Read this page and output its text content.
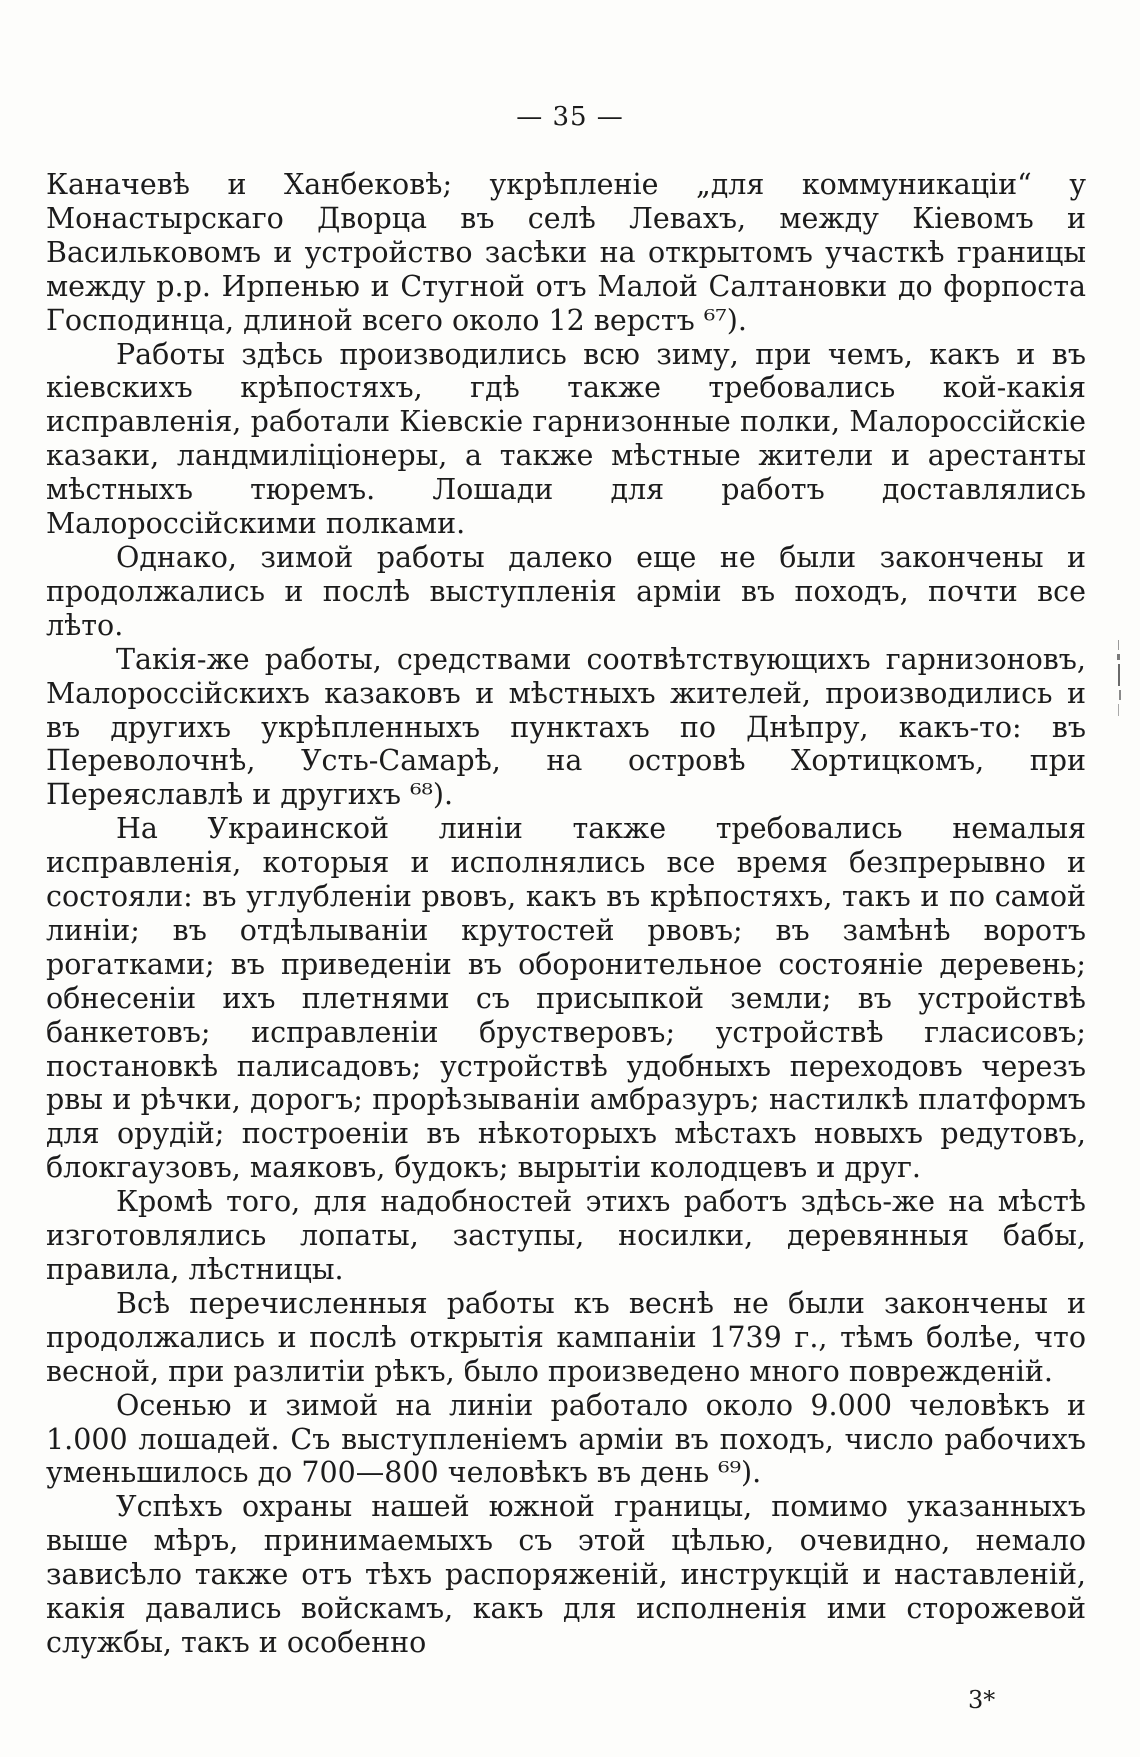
— 35 —

Каначевѣ и Ханбековѣ; укрѣпленіе „для коммуникаціи“ у Монастырскаго Дворца въ селѣ Левахъ, между Кіевомъ и Васильковомъ и устройство засѣки на открытомъ участкѣ границы между р.р. Ирпенью и Стугной отъ Малой Салтановки до форпоста Господинца, длиной всего около 12 верстъ ⁶⁷).

Работы здѣсь производились всю зиму, при чемъ, какъ и въ кіевскихъ крѣпостяхъ, гдѣ также требовались кой-какія исправленія, работали Кіевскіе гарнизонные полки, Малороссійскіе казаки, ландмиліціонеры, а также мѣстные жители и арестанты мѣстныхъ тюремъ. Лошади для работъ доставлялись Малороссійскими полками.

Однако, зимой работы далеко еще не были закончены и продолжались и послѣ выступленія арміи въ походъ, почти все лѣто.

Такія-же работы, средствами соотвѣтствующихъ гарнизоновъ, Малороссійскихъ казаковъ и мѣстныхъ жителей, производились и въ другихъ укрѣпленныхъ пунктахъ по Днѣпру, какъ-то: въ Переволочнѣ, Усть-Самарѣ, на островѣ Хортицкомъ, при Переяславлѣ и другихъ ⁶⁸).

На Украинской линіи также требовались немалыя исправленія, которыя и исполнялись все время безпрерывно и состояли: въ углубленіи рвовъ, какъ въ крѣпостяхъ, такъ и по самой линіи; въ отдѣлываніи крутостей рвовъ; въ замѣнѣ воротъ рогатками; въ приведеніи въ оборонительное состояніе деревень; обнесеніи ихъ плетнями съ присыпкой земли; въ устройствѣ банкетовъ; исправленіи брустверовъ; устройствѣ гласисовъ; постановкѣ палисадовъ; устройствѣ удобныхъ переходовъ черезъ рвы и рѣчки, дорогъ; прорѣзываніи амбразуръ; настилкѣ платформъ для орудій; построеніи въ нѣкоторыхъ мѣстахъ новыхъ редутовъ, блокгаузовъ, маяковъ, будокъ; вырытіи колодцевъ и друг.

Кромѣ того, для надобностей этихъ работъ здѣсь-же на мѣстѣ изготовлялись лопаты, заступы, носилки, деревянныя бабы, правила, лѣстницы.

Всѣ перечисленныя работы къ веснѣ не были закончены и продолжались и послѣ открытія кампаніи 1739 г., тѣмъ болѣе, что весной, при разлитіи рѣкъ, было произведено много поврежденій.

Осенью и зимой на линіи работало около 9.000 человѣкъ и 1.000 лошадей. Съ выступленіемъ арміи въ походъ, число рабочихъ уменьшилось до 700—800 человѣкъ въ день ⁶⁹).

Успѣхъ охраны нашей южной границы, помимо указанныхъ выше мѣръ, принимаемыхъ съ этой цѣлью, очевидно, немало зависѣло также отъ тѣхъ распоряженій, инструкцій и наставленій, какія давались войскамъ, какъ для исполненія ими сторожевой службы, такъ и особенно

3*
